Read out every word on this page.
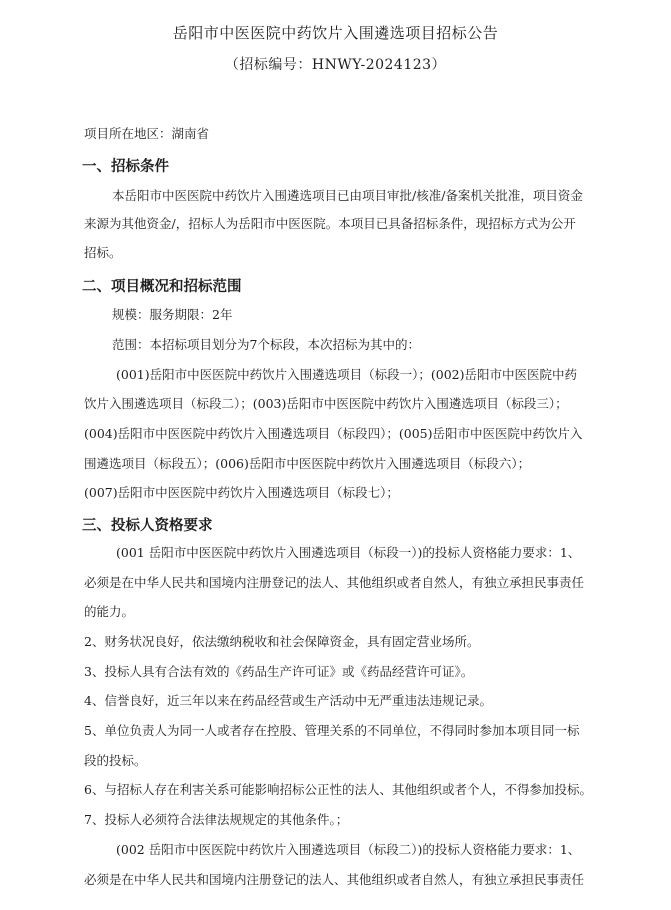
岳阳市中医医院中药饮片入围遴选项目招标公告
（招标编号：HNWY-2024123）
项目所在地区：湖南省
一、招标条件
本岳阳市中医医院中药饮片入围遴选项目已由项目审批/核准/备案机关批准，项目资金
来源为其他资金/，招标人为岳阳市中医医院。本项目已具备招标条件，现招标方式为公开
招标。
二、项目概况和招标范围
规模：服务期限：2年
范围：本招标项目划分为7个标段，本次招标为其中的：
(001)岳阳市中医医院中药饮片入围遴选项目（标段一）；(002)岳阳市中医医院中药
饮片入围遴选项目（标段二）；(003)岳阳市中医医院中药饮片入围遴选项目（标段三）；
(004)岳阳市中医医院中药饮片入围遴选项目（标段四）；(005)岳阳市中医医院中药饮片入
围遴选项目（标段五）；(006)岳阳市中医医院中药饮片入围遴选项目（标段六）；
(007)岳阳市中医医院中药饮片入围遴选项目（标段七）；
三、投标人资格要求
(001 岳阳市中医医院中药饮片入围遴选项目（标段一）)的投标人资格能力要求：1、
必须是在中华人民共和国境内注册登记的法人、其他组织或者自然人，有独立承担民事责任
的能力。
2、财务状况良好，依法缴纳税收和社会保障资金，具有固定营业场所。
3、投标人具有合法有效的《药品生产许可证》或《药品经营许可证》。
4、信誉良好，近三年以来在药品经营或生产活动中无严重违法违规记录。
5、单位负责人为同一人或者存在控股、管理关系的不同单位，不得同时参加本项目同一标
段的投标。
6、与招标人存在利害关系可能影响招标公正性的法人、其他组织或者个人，不得参加投标。
7、投标人必须符合法律法规规定的其他条件。；
(002 岳阳市中医医院中药饮片入围遴选项目（标段二）)的投标人资格能力要求：1、
必须是在中华人民共和国境内注册登记的法人、其他组织或者自然人，有独立承担民事责任
